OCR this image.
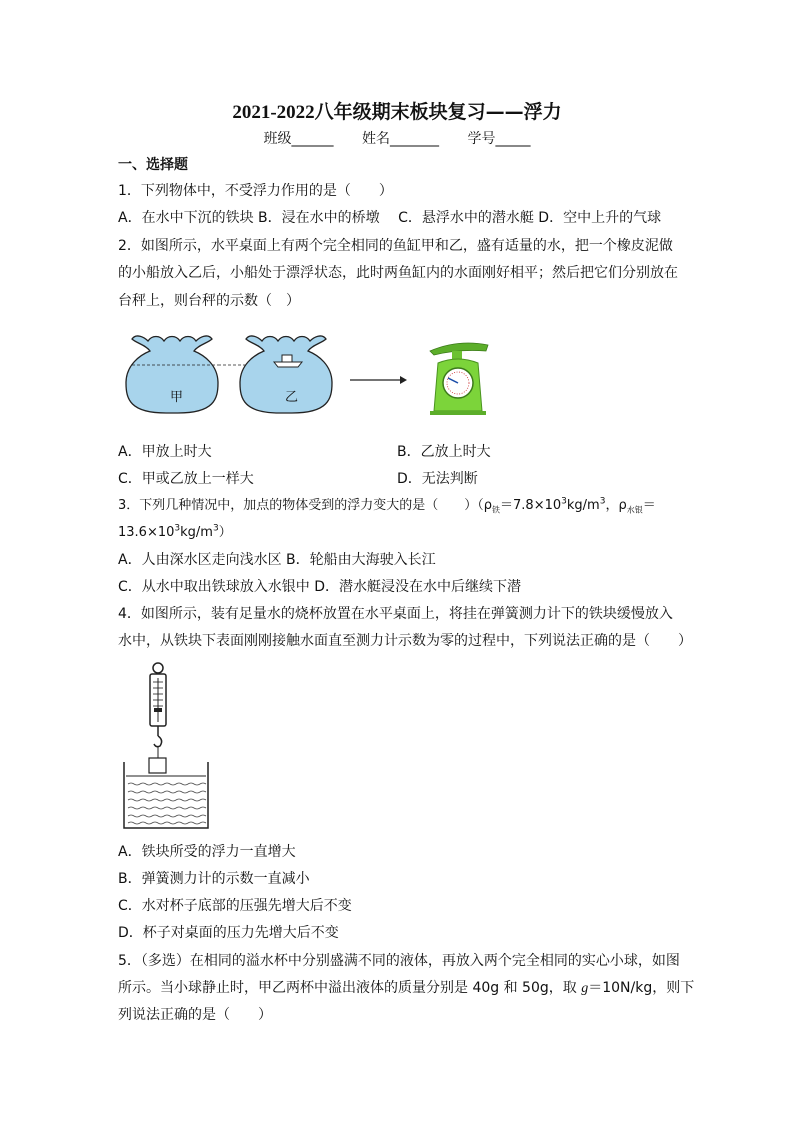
2021-2022八年级期末板块复习——浮力
班级______ 姓名_______ 学号_____
一、选择题
1．下列物体中，不受浮力作用的是（　　）
A．在水中下沉的铁块 B．浸在水中的桥墩　 C．悬浮水中的潜水艇 D．空中上升的气球
2．如图所示，水平桌面上有两个完全相同的鱼缸甲和乙，盛有适量的水，把一个橡皮泥做
的小船放入乙后，小船处于漂浮状态，此时两鱼缸内的水面刚好相平；然后把它们分别放在
台秤上，则台秤的示数（　）
甲	乙
A．甲放上时大	B．乙放上时大
C．甲或乙放上一样大	D．无法判断
3．下列几种情况中，加点的物体受到的浮力变大的是（　　）（$\rho_铁=7.8\times 10^3kg/m^3$，$\rho_{水银}=$
$13.6\times 10^3kg/m^3$）
A．人由深水区走向浅水区 B．轮船由大海驶入长江
C．从水中取出铁球放入水银中 D．潜水艇浸没在水中后继续下潜
4．如图所示，装有足量水的烧杯放置在水平桌面上，将挂在弹簧测力计下的铁块缓慢放入
水中，从铁块下表面刚刚接触水面直至测力计示数为零的过程中，下列说法正确的是（　　）
A．铁块所受的浮力一直增大
B．弹簧测力计的示数一直减小
C．水对杯子底部的压强先增大后不变
D．杯子对桌面的压力先增大后不变
5．（多选）在相同的溢水杯中分别盛满不同的液体，再放入两个完全相同的实心小球，如图
所示。当小球静止时，甲乙两杯中溢出液体的质量分别是 40g 和 50g，取 g＝10N/kg，则下
列说法正确的是（　　）
